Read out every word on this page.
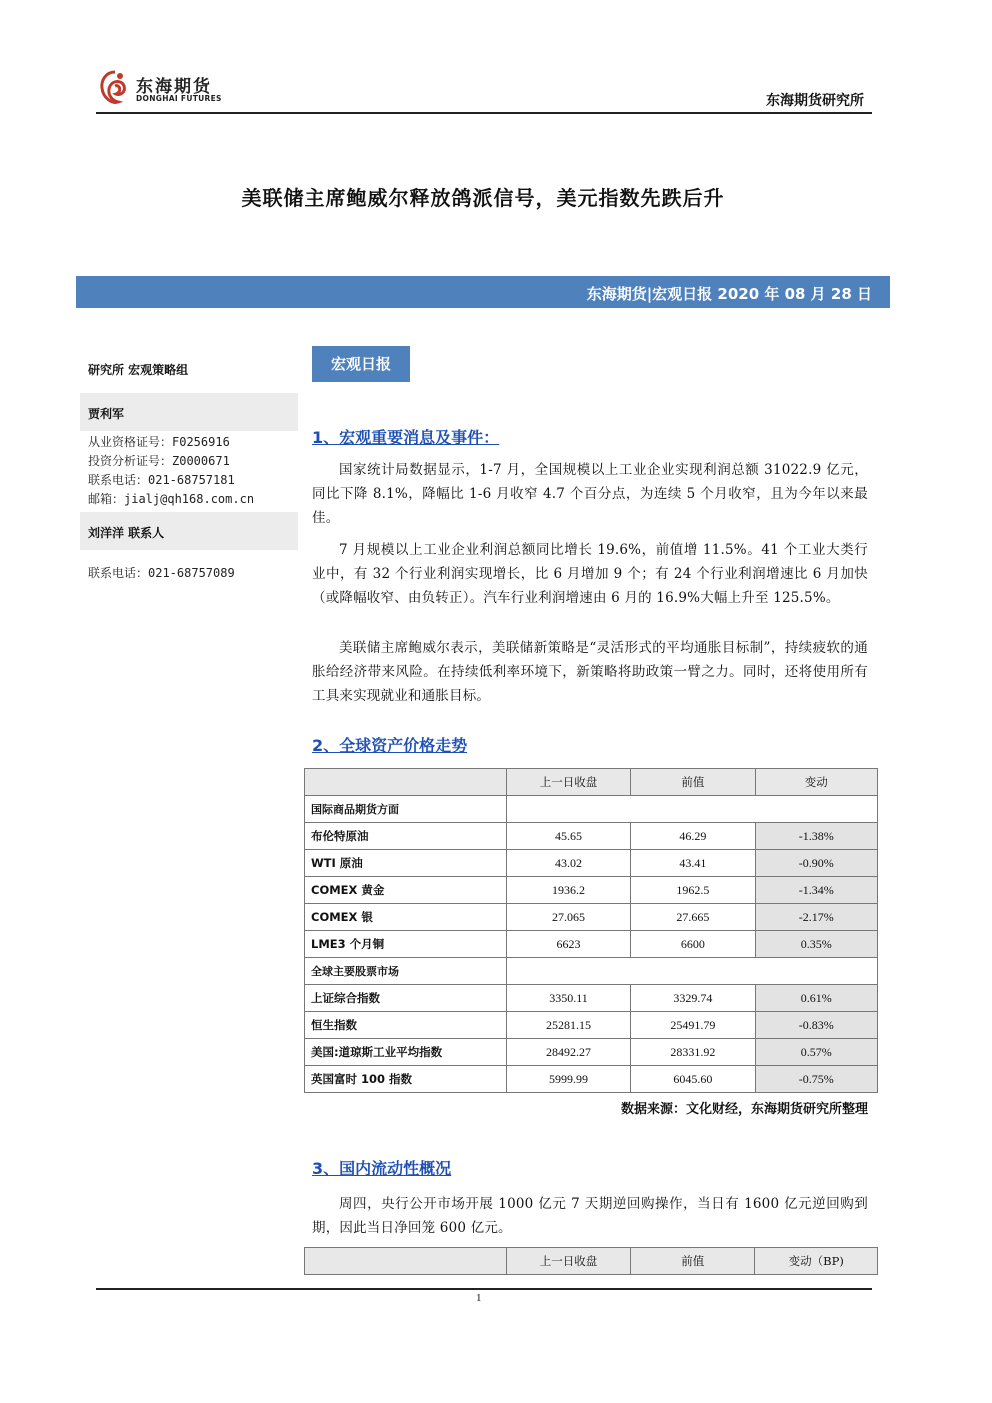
东海期货
DONGHAI FUTURES	东海期货研究所
美联储主席鲍威尔释放鸽派信号，美元指数先跌后升
东海期货|宏观日报 2020 年 08 月 28 日
研究所 宏观策略组
贾利军
从业资格证号：F0256916
投资分析证号：Z0000671
联系电话：021-68757181
邮箱：jialj@qh168.com.cn
刘洋洋 联系人
联系电话：021-68757089
宏观日报
1、宏观重要消息及事件：
国家统计局数据显示，1-7 月，全国规模以上工业企业实现利润总额 31022.9 亿元，同比下降 8.1%，降幅比 1-6 月收窄 4.7 个百分点，为连续 5 个月收窄，且为今年以来最佳。
7 月规模以上工业企业利润总额同比增长 19.6%，前值增 11.5%。41 个工业大类行业中，有 32 个行业利润实现增长，比 6 月增加 9 个；有 24 个行业利润增速比 6 月加快（或降幅收窄、由负转正）。汽车行业利润增速由 6 月的 16.9%大幅上升至 125.5%。
美联储主席鲍威尔表示，美联储新策略是“灵活形式的平均通胀目标制”，持续疲软的通胀给经济带来风险。在持续低利率环境下，新策略将助政策一臂之力。同时，还将使用所有工具来实现就业和通胀目标。
2、全球资产价格走势
	上一日收盘	前值	变动
国际商品期货方面			
布伦特原油	45.65	46.29	-1.38%
WTI 原油	43.02	43.41	-0.90%
COMEX 黄金	1936.2	1962.5	-1.34%
COMEX 银	27.065	27.665	-2.17%
LME3 个月铜	6623	6600	0.35%
全球主要股票市场			
上证综合指数	3350.11	3329.74	0.61%
恒生指数	25281.15	25491.79	-0.83%
美国:道琼斯工业平均指数	28492.27	28331.92	0.57%
英国富时 100 指数	5999.99	6045.60	-0.75%
数据来源：文化财经，东海期货研究所整理
3、国内流动性概况
周四，央行公开市场开展 1000 亿元 7 天期逆回购操作，当日有 1600 亿元逆回购到期，因此当日净回笼 600 亿元。
	上一日收盘	前值	变动（BP)
1
